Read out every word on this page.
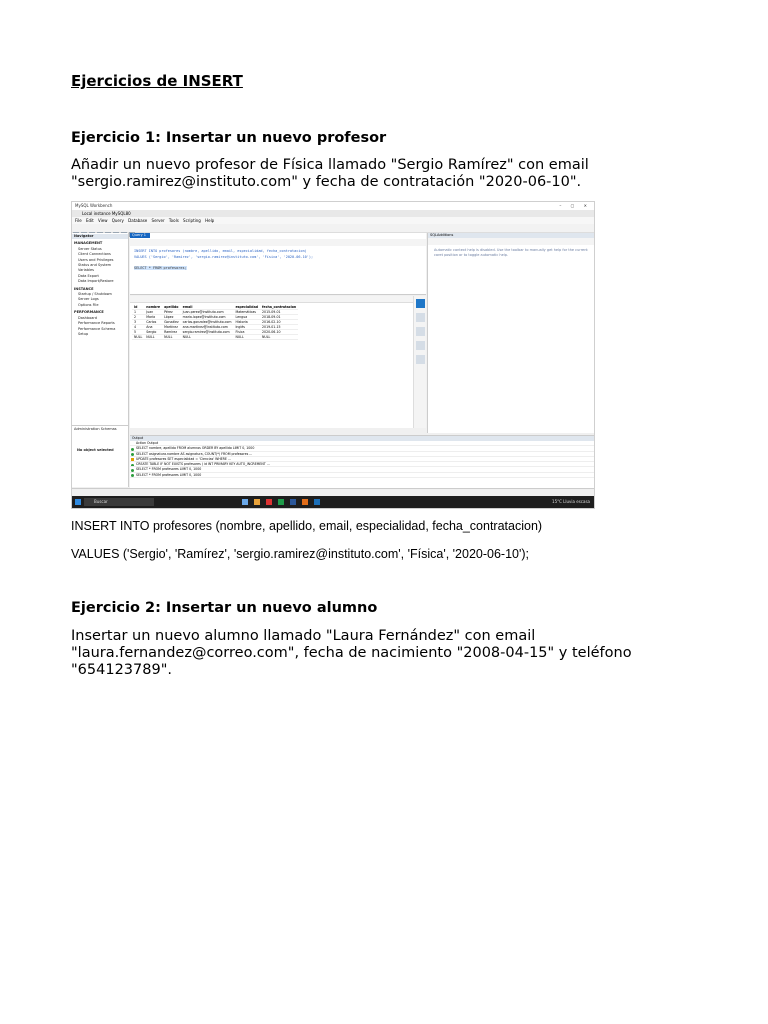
Ejercicios de INSERT
Ejercicio 1: Insertar un nuevo profesor

Añadir un nuevo profesor de Física llamado "Sergio Ramírez" con email "sergio.ramirez@instituto.com" y fecha de contratación "2020-06-10".

MySQL Workbench	– ▢ ✕
Local instance MySQL80
File Edit View Query Database Server Tools Scripting Help
Navigator
MANAGEMENT
Server Status
Client Connections
Users and Privileges
Status and System Variables
Data Export
Data Import/Restore
INSTANCE
Startup / Shutdown
Server Logs
Options File
PERFORMANCE
Dashboard
Performance Reports
Performance Schema Setup
Administration Schemas
No object selected
Query 1
INSERT INTO profesores (nombre, apellido, email, especialidad, fecha_contratacion)
VALUES ('Sergio', 'Ramírez', 'sergio.ramirez@instituto.com', 'Física', '2020-06-10');

SELECT * FROM profesores;
id	nombre	apellido	email	especialidad	fecha_contratacion
1	Juan	Pérez	juan.perez@instituto.com	Matemáticas	2015-09-01
2	María	López	maria.lopez@instituto.com	Lengua	2018-09-01
3	Carlos	González	carlos.gonzalez@instituto.com	Historia	2016-02-10
4	Ana	Martínez	ana.martinez@instituto.com	Inglés	2019-01-15
5	Sergio	Ramírez	sergio.ramirez@instituto.com	Física	2020-06-10
NULL	NULL	NULL	NULL	NULL	NULL
SQLAdditions
Automatic context help is disabled. Use the toolbar to manually get help for the current caret position or to toggle automatic help.
Output
Action Output
SELECT nombre, apellido FROM alumnos ORDER BY apellido LIMIT 0, 1000
SELECT asignatura.nombre AS asignatura, COUNT(*) FROM profesores ...
UPDATE profesores SET especialidad = 'Ciencias' WHERE ...
CREATE TABLE IF NOT EXISTS profesores ( id INT PRIMARY KEY AUTO_INCREMENT ...
SELECT * FROM profesores LIMIT 0, 1000
SELECT * FROM profesores LIMIT 0, 1000
Buscar	15°C Lluvia escasa

INSERT INTO profesores (nombre, apellido, email, especialidad, fecha_contratacion)

VALUES ('Sergio', 'Ramírez', 'sergio.ramirez@instituto.com', 'Física', '2020-06-10');

Ejercicio 2: Insertar un nuevo alumno

Insertar un nuevo alumno llamado "Laura Fernández" con email "laura.fernandez@correo.com", fecha de nacimiento "2008-04-15" y teléfono "654123789".
